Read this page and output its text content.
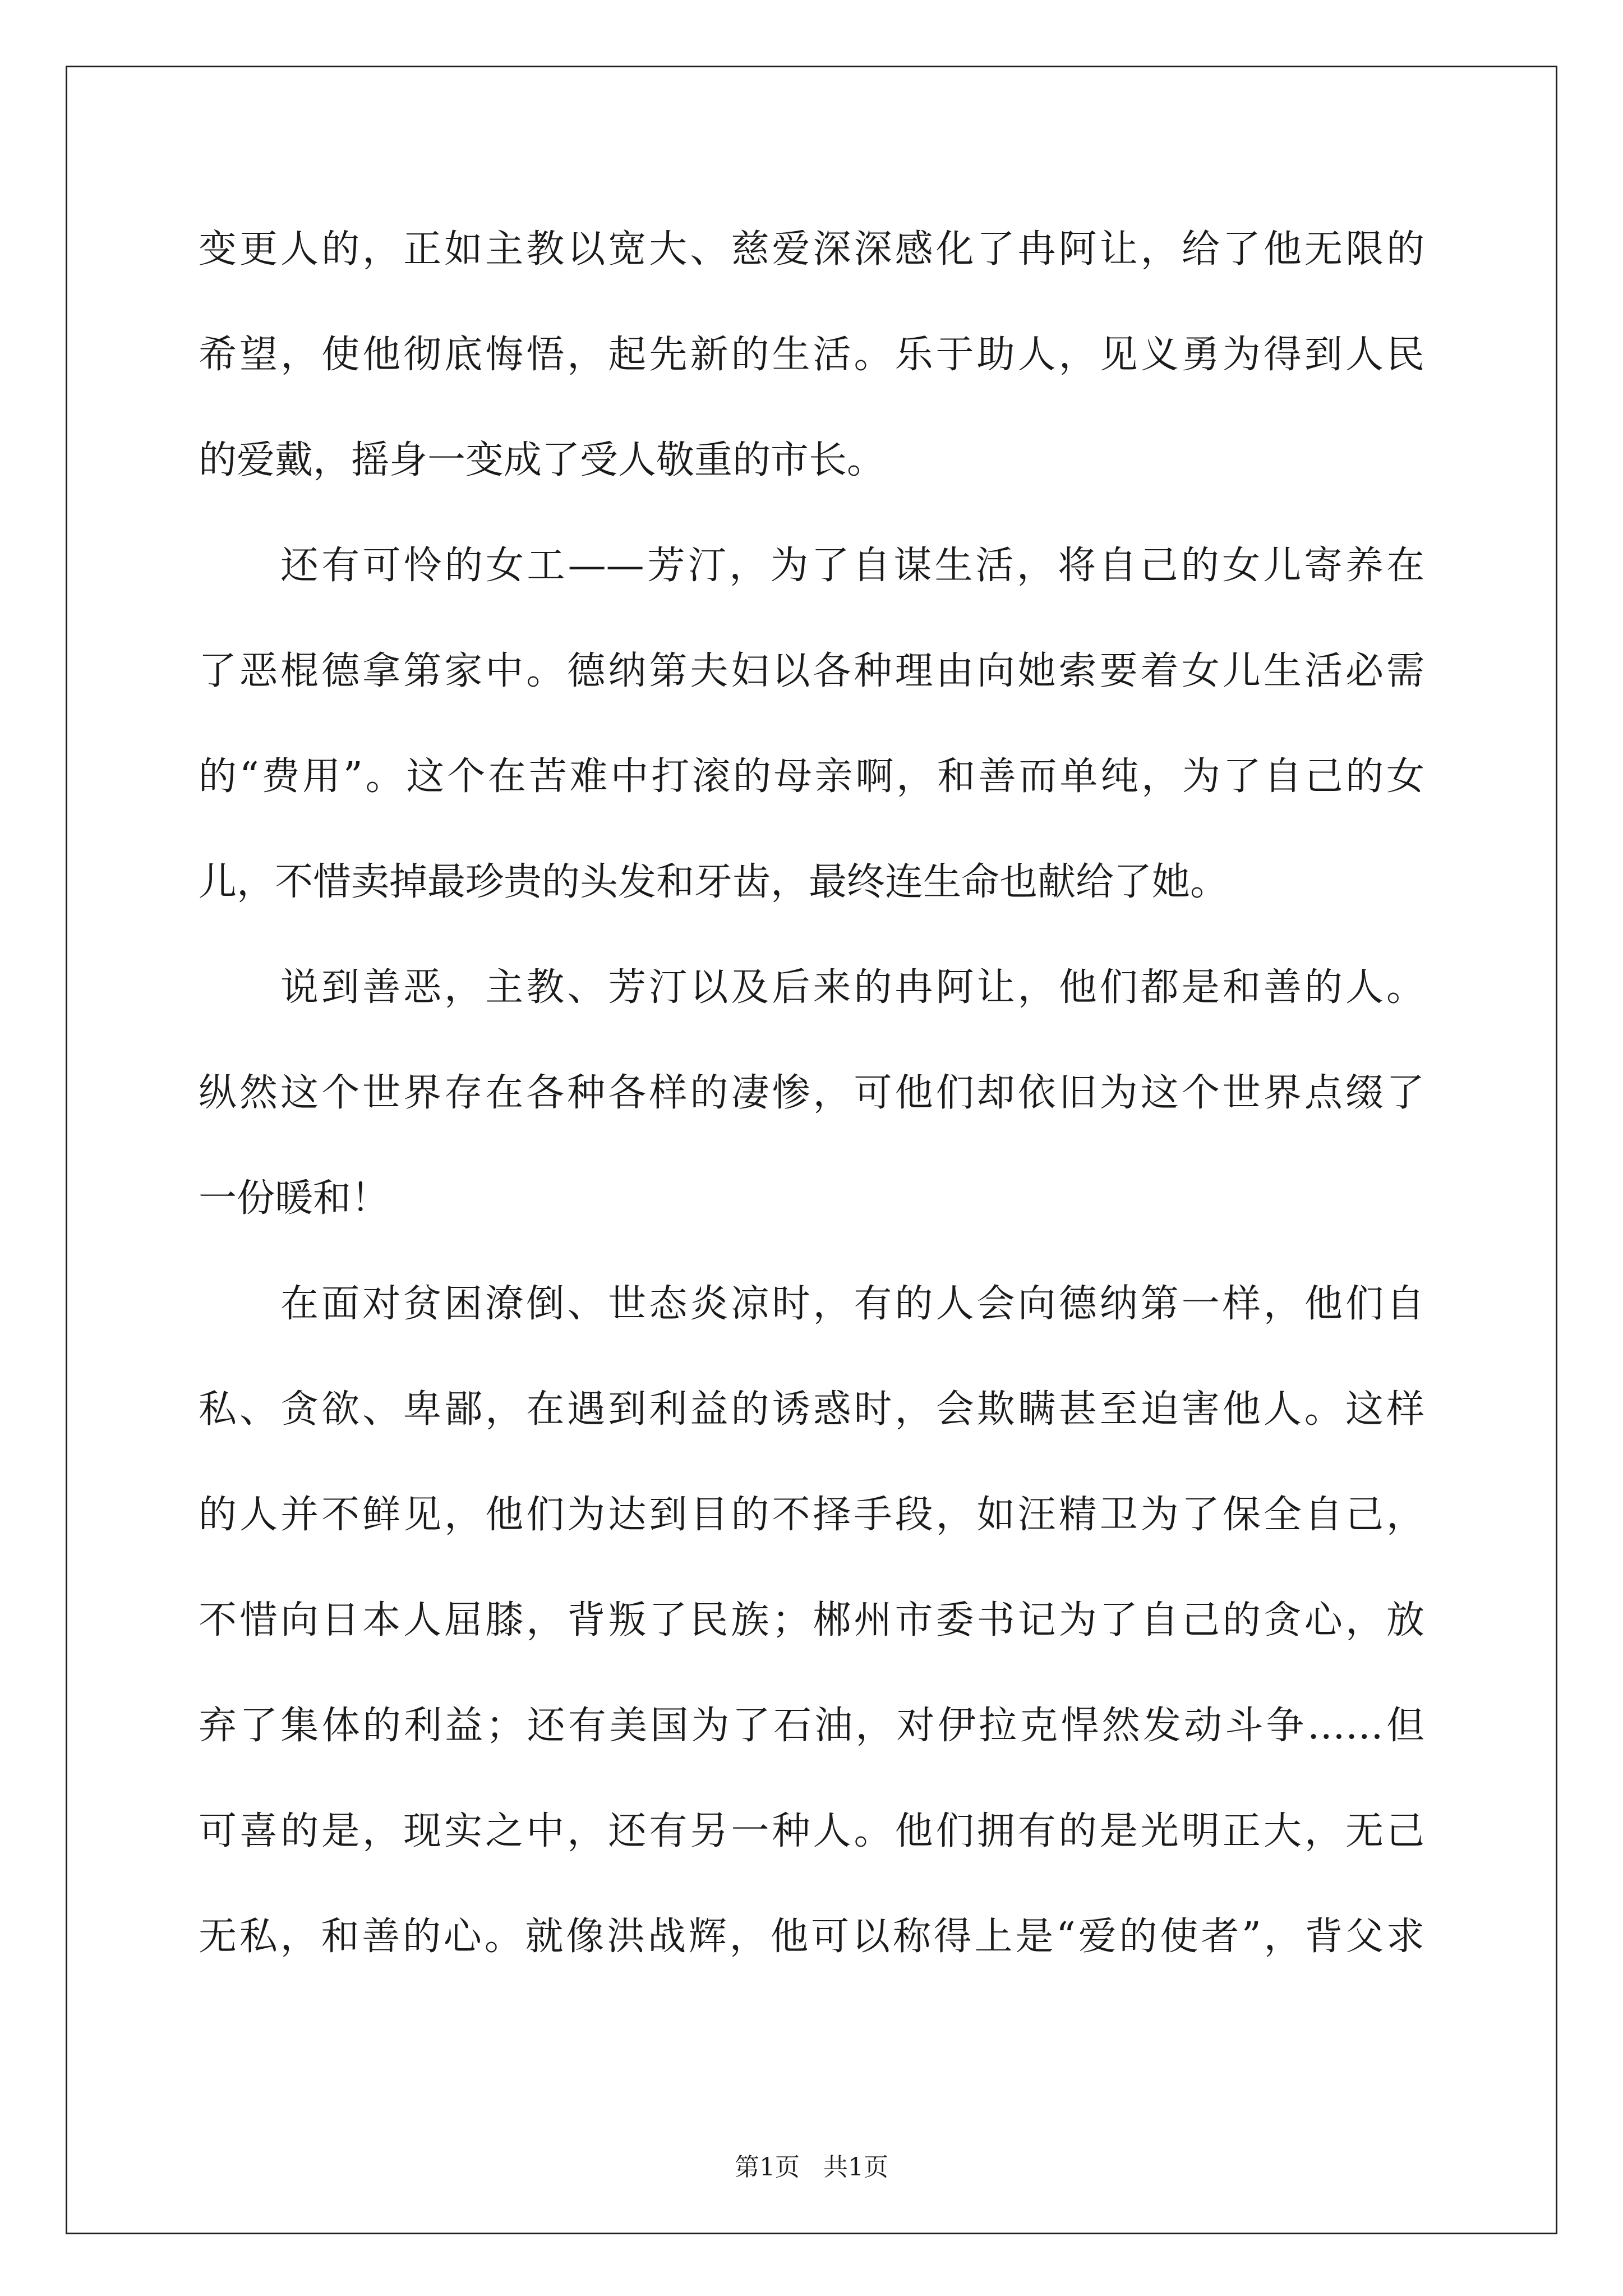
变更人的，正如主教以宽大、慈爱深深感化了冉阿让，给了他无限的
希望，使他彻底悔悟，起先新的生活。乐于助人，见义勇为得到人民
的爱戴，摇身一变成了受人敬重的市长。
还有可怜的女工——芳汀，为了自谋生活，将自己的女儿寄养在
了恶棍德拿第家中。德纳第夫妇以各种理由向她索要着女儿生活必需
的“费用”。这个在苦难中打滚的母亲啊，和善而单纯，为了自己的女
儿，不惜卖掉最珍贵的头发和牙齿，最终连生命也献给了她。
说到善恶，主教、芳汀以及后来的冉阿让，他们都是和善的人。
纵然这个世界存在各种各样的凄惨，可他们却依旧为这个世界点缀了
一份暖和！
在面对贫困潦倒、世态炎凉时，有的人会向德纳第一样，他们自
私、贪欲、卑鄙，在遇到利益的诱惑时，会欺瞒甚至迫害他人。这样
的人并不鲜见，他们为达到目的不择手段，如汪精卫为了保全自己，
不惜向日本人屈膝，背叛了民族；郴州市委书记为了自己的贪心，放
弃了集体的利益；还有美国为了石油，对伊拉克悍然发动斗争……但
可喜的是，现实之中，还有另一种人。他们拥有的是光明正大，无己
无私，和善的心。就像洪战辉，他可以称得上是“爱的使者”，背父求
第1页 共1页
